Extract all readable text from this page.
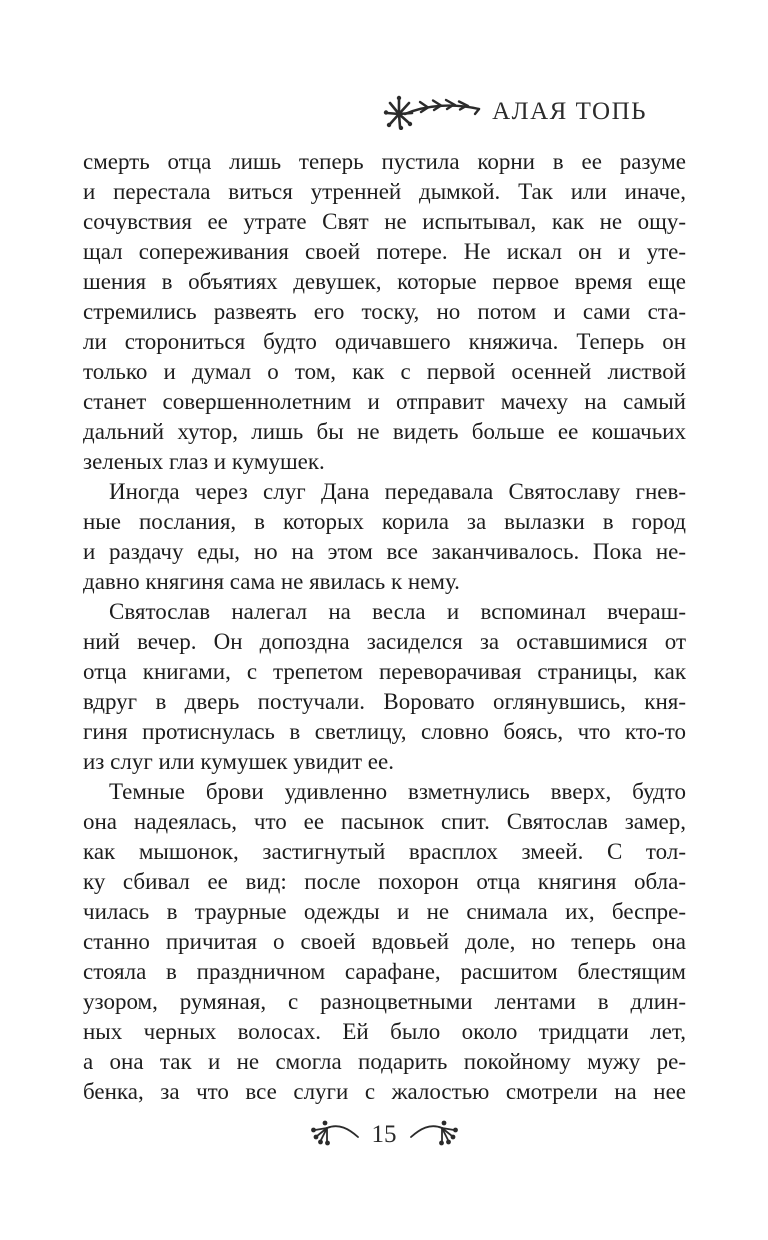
АЛАЯ ТОПЬ
смерть отца лишь теперь пустила корни в ее разуме
и перестала виться утренней дымкой. Так или иначе,
сочувствия ее утрате Свят не испытывал, как не ощу-
щал сопереживания своей потере. Не искал он и уте-
шения в объятиях девушек, которые первое время еще
стремились развеять его тоску, но потом и сами ста-
ли сторониться будто одичавшего княжича. Теперь он
только и думал о том, как с первой осенней листвой
станет совершеннолетним и отправит мачеху на самый
дальний хутор, лишь бы не видеть больше ее кошачьих
зеленых глаз и кумушек.
Иногда через слуг Дана передавала Святославу гнев-
ные послания, в которых корила за вылазки в город
и раздачу еды, но на этом все заканчивалось. Пока не-
давно княгиня сама не явилась к нему.
Святослав налегал на весла и вспоминал вчераш-
ний вечер. Он допоздна засиделся за оставшимися от
отца книгами, с трепетом переворачивая страницы, как
вдруг в дверь постучали. Воровато оглянувшись, кня-
гиня протиснулась в светлицу, словно боясь, что кто-то
из слуг или кумушек увидит ее.
Темные брови удивленно взметнулись вверх, будто
она надеялась, что ее пасынок спит. Святослав замер,
как мышонок, застигнутый врасплох змеей. С тол-
ку сбивал ее вид: после похорон отца княгиня обла-
чилась в траурные одежды и не снимала их, беспре-
станно причитая о своей вдовьей доле, но теперь она
стояла в праздничном сарафане, расшитом блестящим
узором, румяная, с разноцветными лентами в длин-
ных черных волосах. Ей было около тридцати лет,
а она так и не смогла подарить покойному мужу ре-
бенка, за что все слуги с жалостью смотрели на нее
15
